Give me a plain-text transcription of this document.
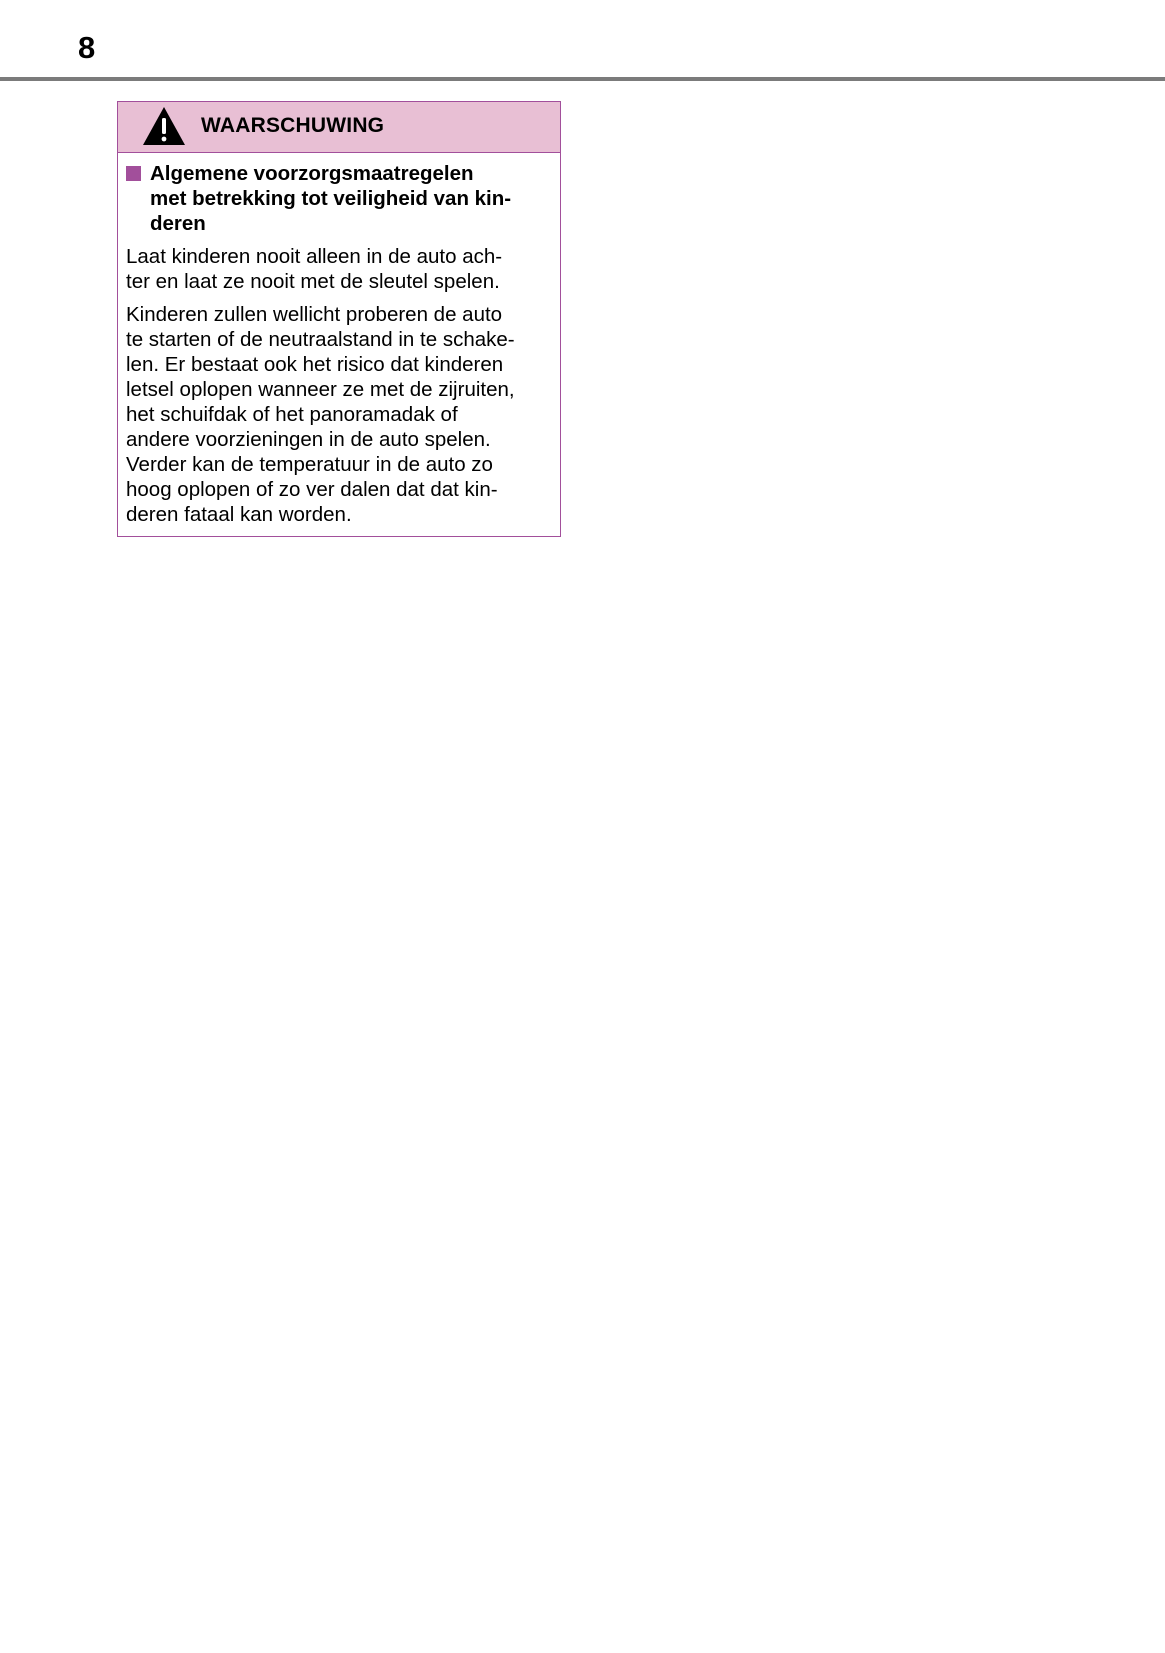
8
WAARSCHUWING
Algemene voorzorgsmaatregelen
met betrekking tot veiligheid van kin-
deren
Laat kinderen nooit alleen in de auto ach-
ter en laat ze nooit met de sleutel spelen.
Kinderen zullen wellicht proberen de auto
te starten of de neutraalstand in te schake-
len. Er bestaat ook het risico dat kinderen
letsel oplopen wanneer ze met de zijruiten,
het schuifdak of het panoramadak of
andere voorzieningen in de auto spelen.
Verder kan de temperatuur in de auto zo
hoog oplopen of zo ver dalen dat dat kin-
deren fataal kan worden.
